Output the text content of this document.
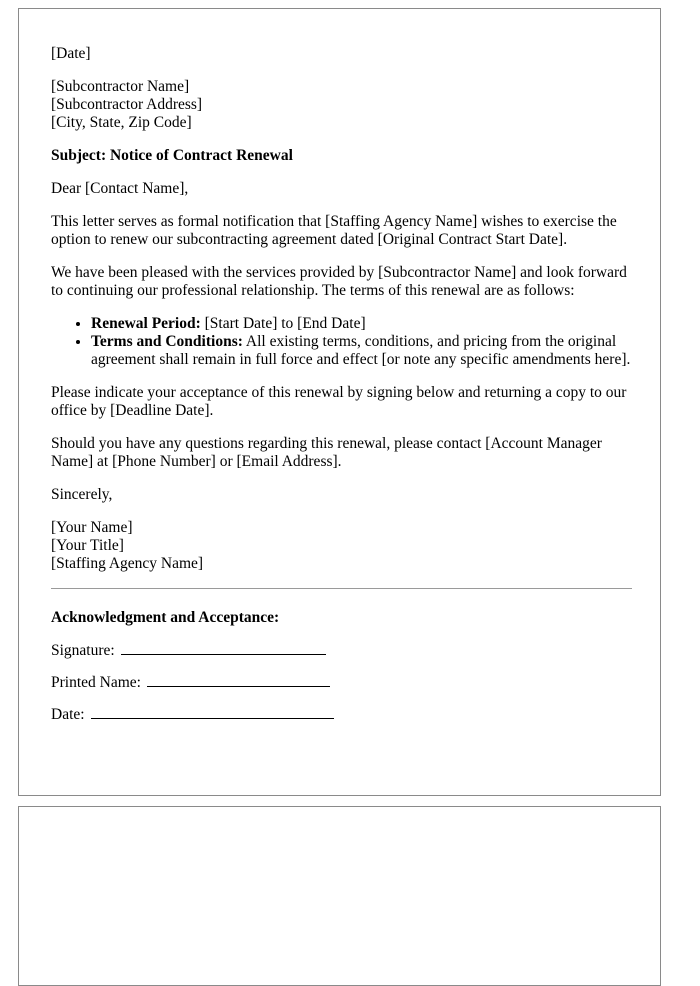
[Date]

[Subcontractor Name]
[Subcontractor Address]
[City, State, Zip Code]

Subject: Notice of Contract Renewal

Dear [Contact Name],

This letter serves as formal notification that [Staffing Agency Name] wishes to exercise the option to renew our subcontracting agreement dated [Original Contract Start Date].

We have been pleased with the services provided by [Subcontractor Name] and look forward to continuing our professional relationship. The terms of this renewal are as follows:

• Renewal Period: [Start Date] to [End Date]
• Terms and Conditions: All existing terms, conditions, and pricing from the original agreement shall remain in full force and effect [or note any specific amendments here].

Please indicate your acceptance of this renewal by signing below and returning a copy to our office by [Deadline Date].

Should you have any questions regarding this renewal, please contact [Account Manager Name] at [Phone Number] or [Email Address].

Sincerely,

[Your Name]
[Your Title]
[Staffing Agency Name]

Acknowledgment and Acceptance:

Signature:

Printed Name:

Date:
